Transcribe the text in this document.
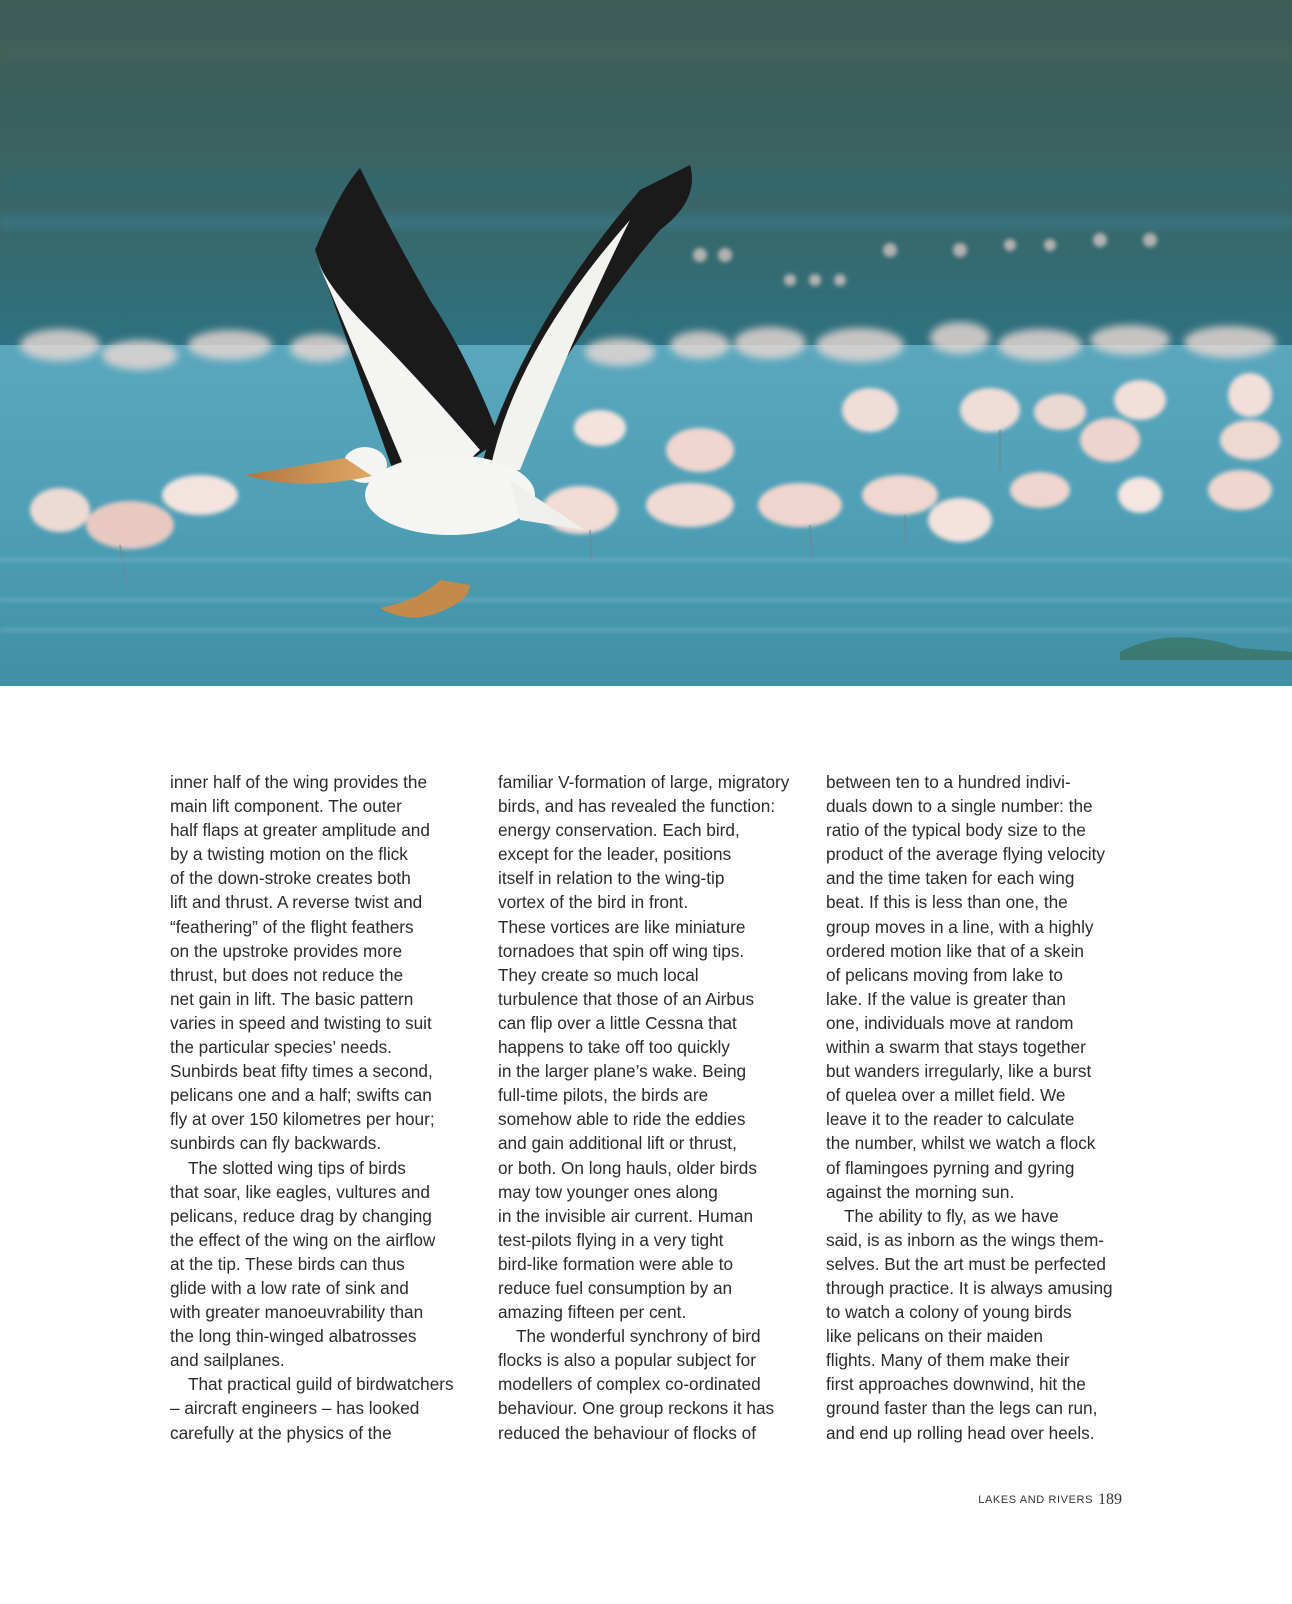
inner half of the wing provides the
main lift component. The outer
half flaps at greater amplitude and
by a twisting motion on the flick
of the down-stroke creates both
lift and thrust. A reverse twist and
“feathering” of the flight feathers
on the upstroke provides more
thrust, but does not reduce the
net gain in lift. The basic pattern
varies in speed and twisting to suit
the particular species’ needs.
Sunbirds beat fifty times a second,
pelicans one and a half; swifts can
fly at over 150 kilometres per hour;
sunbirds can fly backwards.

The slotted wing tips of birds
that soar, like eagles, vultures and
pelicans, reduce drag by changing
the effect of the wing on the airflow
at the tip. These birds can thus
glide with a low rate of sink and
with greater manoeuvrability than
the long thin-winged albatrosses
and sailplanes.

That practical guild of birdwatchers
– aircraft engineers – has looked
carefully at the physics of the

familiar V-formation of large, migratory
birds, and has revealed the function:
energy conservation. Each bird,
except for the leader, positions
itself in relation to the wing-tip
vortex of the bird in front.
These vortices are like miniature
tornadoes that spin off wing tips.
They create so much local
turbulence that those of an Airbus
can flip over a little Cessna that
happens to take off too quickly
in the larger plane’s wake. Being
full-time pilots, the birds are
somehow able to ride the eddies
and gain additional lift or thrust,
or both. On long hauls, older birds
may tow younger ones along
in the invisible air current. Human
test-pilots flying in a very tight
bird-like formation were able to
reduce fuel consumption by an
amazing fifteen per cent.

The wonderful synchrony of bird
flocks is also a popular subject for
modellers of complex co-ordinated
behaviour. One group reckons it has
reduced the behaviour of flocks of

between ten to a hundred indivi-
duals down to a single number: the
ratio of the typical body size to the
product of the average flying velocity
and the time taken for each wing
beat. If this is less than one, the
group moves in a line, with a highly
ordered motion like that of a skein
of pelicans moving from lake to
lake. If the value is greater than
one, individuals move at random
within a swarm that stays together
but wanders irregularly, like a burst
of quelea over a millet field. We
leave it to the reader to calculate
the number, whilst we watch a flock
of flamingoes pyrning and gyring
against the morning sun.

The ability to fly, as we have
said, is as inborn as the wings them-
selves. But the art must be perfected
through practice. It is always amusing
to watch a colony of young birds
like pelicans on their maiden
flights. Many of them make their
first approaches downwind, hit the
ground faster than the legs can run,
and end up rolling head over heels.

LAKES AND RIVERS 189
